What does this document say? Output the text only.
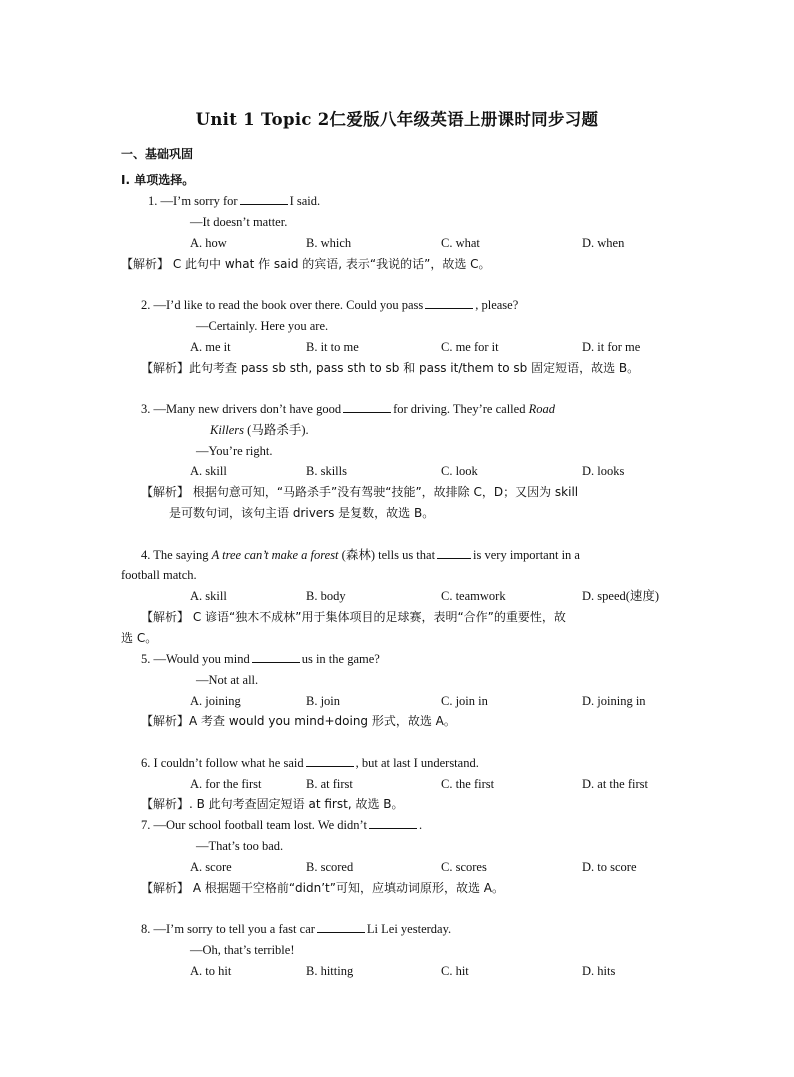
Unit 1 Topic 2仁爱版八年级英语上册课时同步习题
一、基础巩固
Ⅰ. 单项选择。
1. —I’m sorry for	I said.
—It doesn’t matter.
A. how	B. which	C. what	D. when
【解析】 C 此句中 what 作 said 的宾语, 表示“我说的话”，故选 C。
2. —I’d like to read the book over there. Could you pass	, please?
—Certainly. Here you are.
A. me it	B. it to me	C. me for it	D. it for me
【解析】此句考查 pass sb sth, pass sth to sb 和 pass it/them to sb 固定短语，故选 B。
3. —Many new drivers don’t have good	for driving. They’re called Road
Killers (马路杀手).
—You’re right.
A. skill	B. skills	C. look	D. looks
【解析】 根据句意可知，“马路杀手”没有驾驶“技能”，故排除 C，D；又因为 skill
是可数句词，该句主语 drivers 是复数，故选 B。
4. The saying A tree can’t make a forest (森林) tells us that	is very important in a
football match.
A. skill	B. body	C. teamwork	D. speed(速度)
【解析】 C 谚语“独木不成林”用于集体项目的足球赛，表明“合作”的重要性，故
选 C。
5. —Would you mind	us in the game?
—Not at all.
A. joining	B. join	C. join in	D. joining in
【解析】A 考查 would you mind+doing 形式，故选 A。
6. I couldn’t follow what he said	, but at last I understand.
A. for the first	B. at first	C. the first	D. at the first
【解析】. B 此句考查固定短语 at first, 故选 B。
7. —Our school football team lost. We didn’t	.
—That’s too bad.
A. score	B. scored	C. scores	D. to score
【解析】 A 根据题干空格前“didn’t”可知，应填动词原形，故选 A。
8. —I’m sorry to tell you a fast car	Li Lei yesterday.
—Oh, that’s terrible!
A. to hit	B. hitting	C. hit	D. hits
